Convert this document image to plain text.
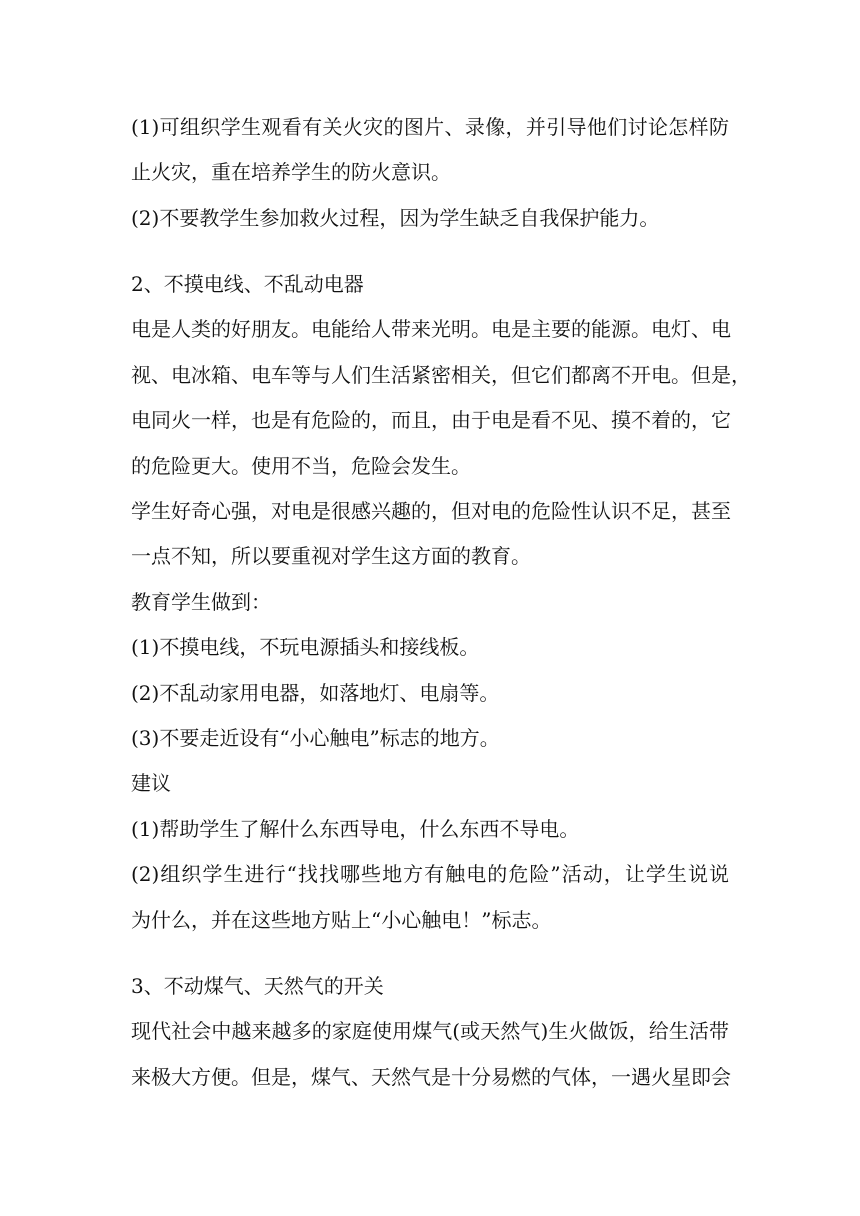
(1)可组织学生观看有关火灾的图片、录像，并引导他们讨论怎样防
止火灾，重在培养学生的防火意识。
(2)不要教学生参加救火过程，因为学生缺乏自我保护能力。
2、不摸电线、不乱动电器
电是人类的好朋友。电能给人带来光明。电是主要的能源。电灯、电
视、电冰箱、电车等与人们生活紧密相关，但它们都离不开电。但是，
电同火一样，也是有危险的，而且，由于电是看不见、摸不着的，它
的危险更大。使用不当，危险会发生。
学生好奇心强，对电是很感兴趣的，但对电的危险性认识不足，甚至
一点不知，所以要重视对学生这方面的教育。
教育学生做到：
(1)不摸电线，不玩电源插头和接线板。
(2)不乱动家用电器，如落地灯、电扇等。
(3)不要走近设有“小心触电”标志的地方。
建议
(1)帮助学生了解什么东西导电，什么东西不导电。
(2)组织学生进行“找找哪些地方有触电的危险”活动，让学生说说
为什么，并在这些地方贴上“小心触电！”标志。
3、不动煤气、天然气的开关
现代社会中越来越多的家庭使用煤气(或天然气)生火做饭，给生活带
来极大方便。但是，煤气、天然气是十分易燃的气体，一遇火星即会
